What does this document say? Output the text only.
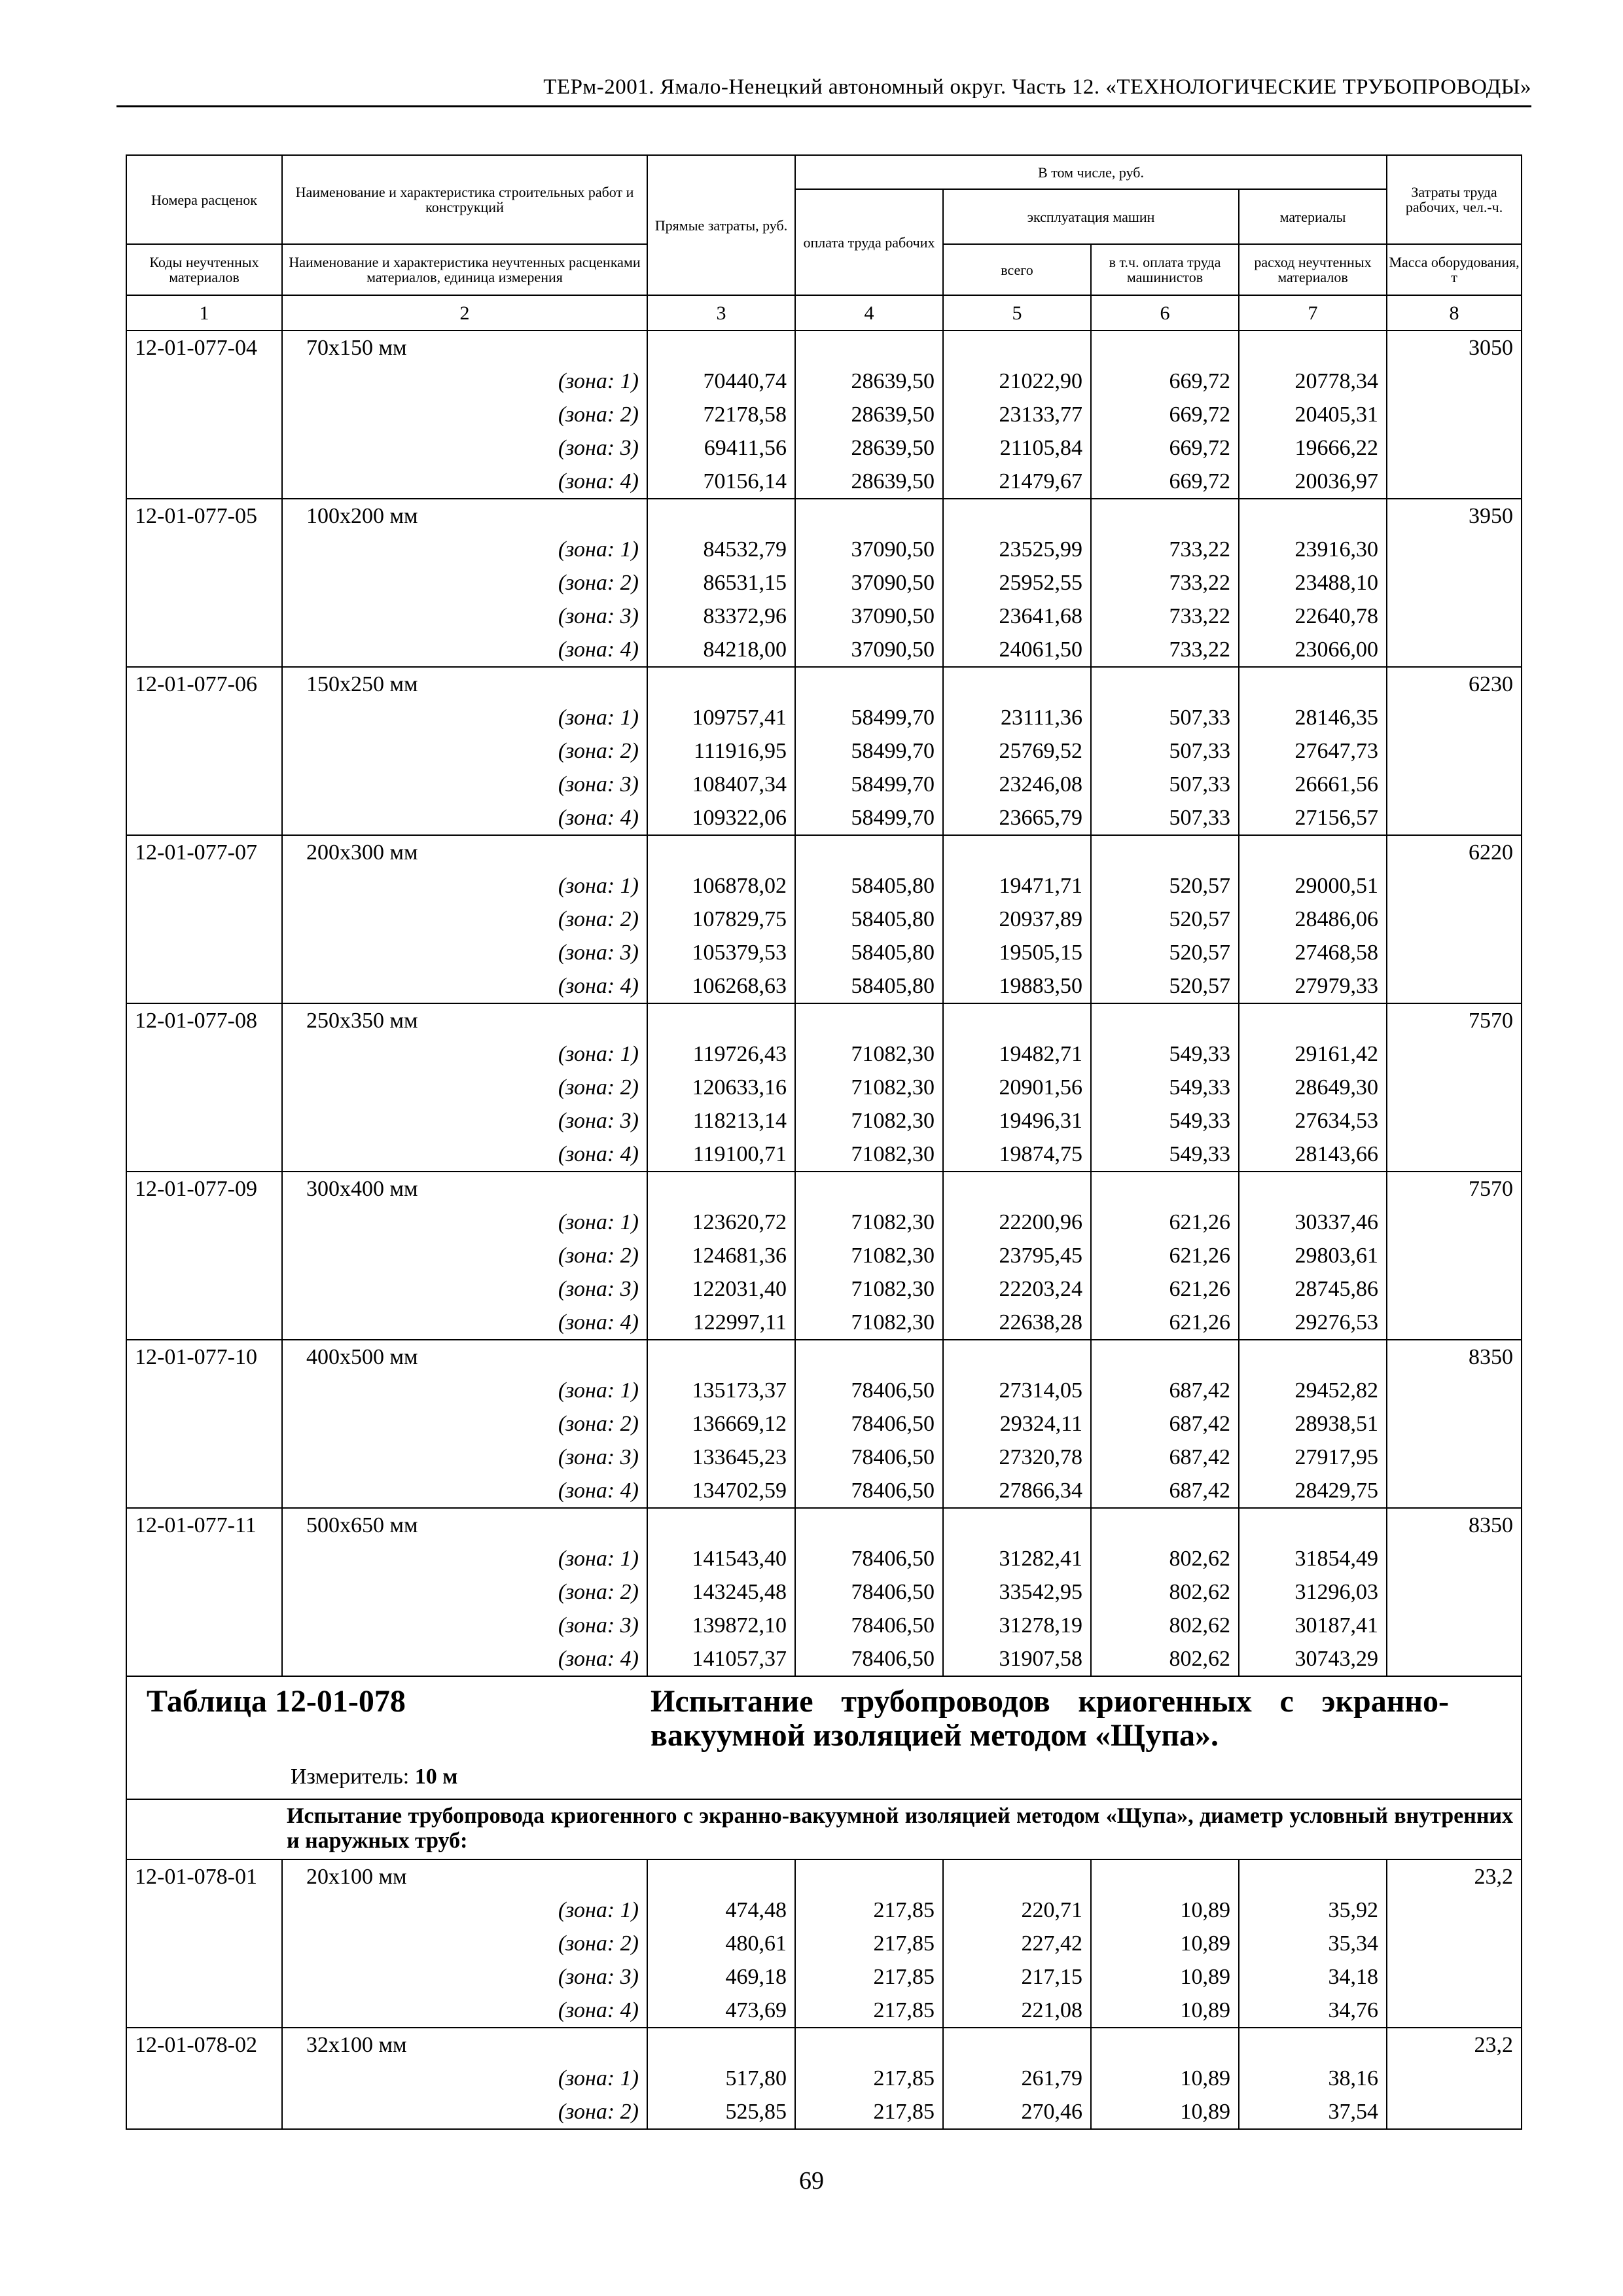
ТЕРм-2001. Ямало-Ненецкий автономный округ. Часть 12. «ТЕХНОЛОГИЧЕСКИЕ ТРУБОПРОВОДЫ»
Номера расценок	Наименование и характеристика строительных работ и конструкций	Прямые затраты, руб.	В том числе, руб.				Затраты труда рабочих, чел.-ч.
			оплата труда рабочих	эксплуатация машин		материалы	
Коды неучтенных материалов	Наименование и характеристика неучтенных расценками материалов, единица измерения			всего	в т.ч. оплата труда машинистов	расход неучтенных материалов	Масса оборудования, т
1	2	3	4	5	6	7	8
12-01-077-04	70х150 мм						3050
	(зона: 1)	70440,74	28639,50	21022,90	669,72	20778,34	
	(зона: 2)	72178,58	28639,50	23133,77	669,72	20405,31	
	(зона: 3)	69411,56	28639,50	21105,84	669,72	19666,22	
	(зона: 4)	70156,14	28639,50	21479,67	669,72	20036,97	
12-01-077-05	100х200 мм						3950
	(зона: 1)	84532,79	37090,50	23525,99	733,22	23916,30	
	(зона: 2)	86531,15	37090,50	25952,55	733,22	23488,10	
	(зона: 3)	83372,96	37090,50	23641,68	733,22	22640,78	
	(зона: 4)	84218,00	37090,50	24061,50	733,22	23066,00	
12-01-077-06	150х250 мм						6230
	(зона: 1)	109757,41	58499,70	23111,36	507,33	28146,35	
	(зона: 2)	111916,95	58499,70	25769,52	507,33	27647,73	
	(зона: 3)	108407,34	58499,70	23246,08	507,33	26661,56	
	(зона: 4)	109322,06	58499,70	23665,79	507,33	27156,57	
12-01-077-07	200х300 мм						6220
	(зона: 1)	106878,02	58405,80	19471,71	520,57	29000,51	
	(зона: 2)	107829,75	58405,80	20937,89	520,57	28486,06	
	(зона: 3)	105379,53	58405,80	19505,15	520,57	27468,58	
	(зона: 4)	106268,63	58405,80	19883,50	520,57	27979,33	
12-01-077-08	250х350 мм						7570
	(зона: 1)	119726,43	71082,30	19482,71	549,33	29161,42	
	(зона: 2)	120633,16	71082,30	20901,56	549,33	28649,30	
	(зона: 3)	118213,14	71082,30	19496,31	549,33	27634,53	
	(зона: 4)	119100,71	71082,30	19874,75	549,33	28143,66	
12-01-077-09	300х400 мм						7570
	(зона: 1)	123620,72	71082,30	22200,96	621,26	30337,46	
	(зона: 2)	124681,36	71082,30	23795,45	621,26	29803,61	
	(зона: 3)	122031,40	71082,30	22203,24	621,26	28745,86	
	(зона: 4)	122997,11	71082,30	22638,28	621,26	29276,53	
12-01-077-10	400х500 мм						8350
	(зона: 1)	135173,37	78406,50	27314,05	687,42	29452,82	
	(зона: 2)	136669,12	78406,50	29324,11	687,42	28938,51	
	(зона: 3)	133645,23	78406,50	27320,78	687,42	27917,95	
	(зона: 4)	134702,59	78406,50	27866,34	687,42	28429,75	
12-01-077-11	500х650 мм						8350
	(зона: 1)	141543,40	78406,50	31282,41	802,62	31854,49	
	(зона: 2)	143245,48	78406,50	33542,95	802,62	31296,03	
	(зона: 3)	139872,10	78406,50	31278,19	802,62	30187,41	
	(зона: 4)	141057,37	78406,50	31907,58	802,62	30743,29	

Таблица 12-01-078 Испытание трубопроводов криогенных с экранно-вакуумной изоляцией методом «Щупа».							

Измеритель: 10 м							

Испытание трубопровода криогенного с экранно-вакуумной изоляцией методом «Щупа», диаметр условный внутренних и наружных труб:							

12-01-078-01	20х100 мм						23,2
	(зона: 1)	474,48	217,85	220,71	10,89	35,92	
	(зона: 2)	480,61	217,85	227,42	10,89	35,34	
	(зона: 3)	469,18	217,85	217,15	10,89	34,18	
	(зона: 4)	473,69	217,85	221,08	10,89	34,76	
12-01-078-02	32х100 мм						23,2
	(зона: 1)	517,80	217,85	261,79	10,89	38,16	
	(зона: 2)	525,85	217,85	270,46	10,89	37,54	
69
